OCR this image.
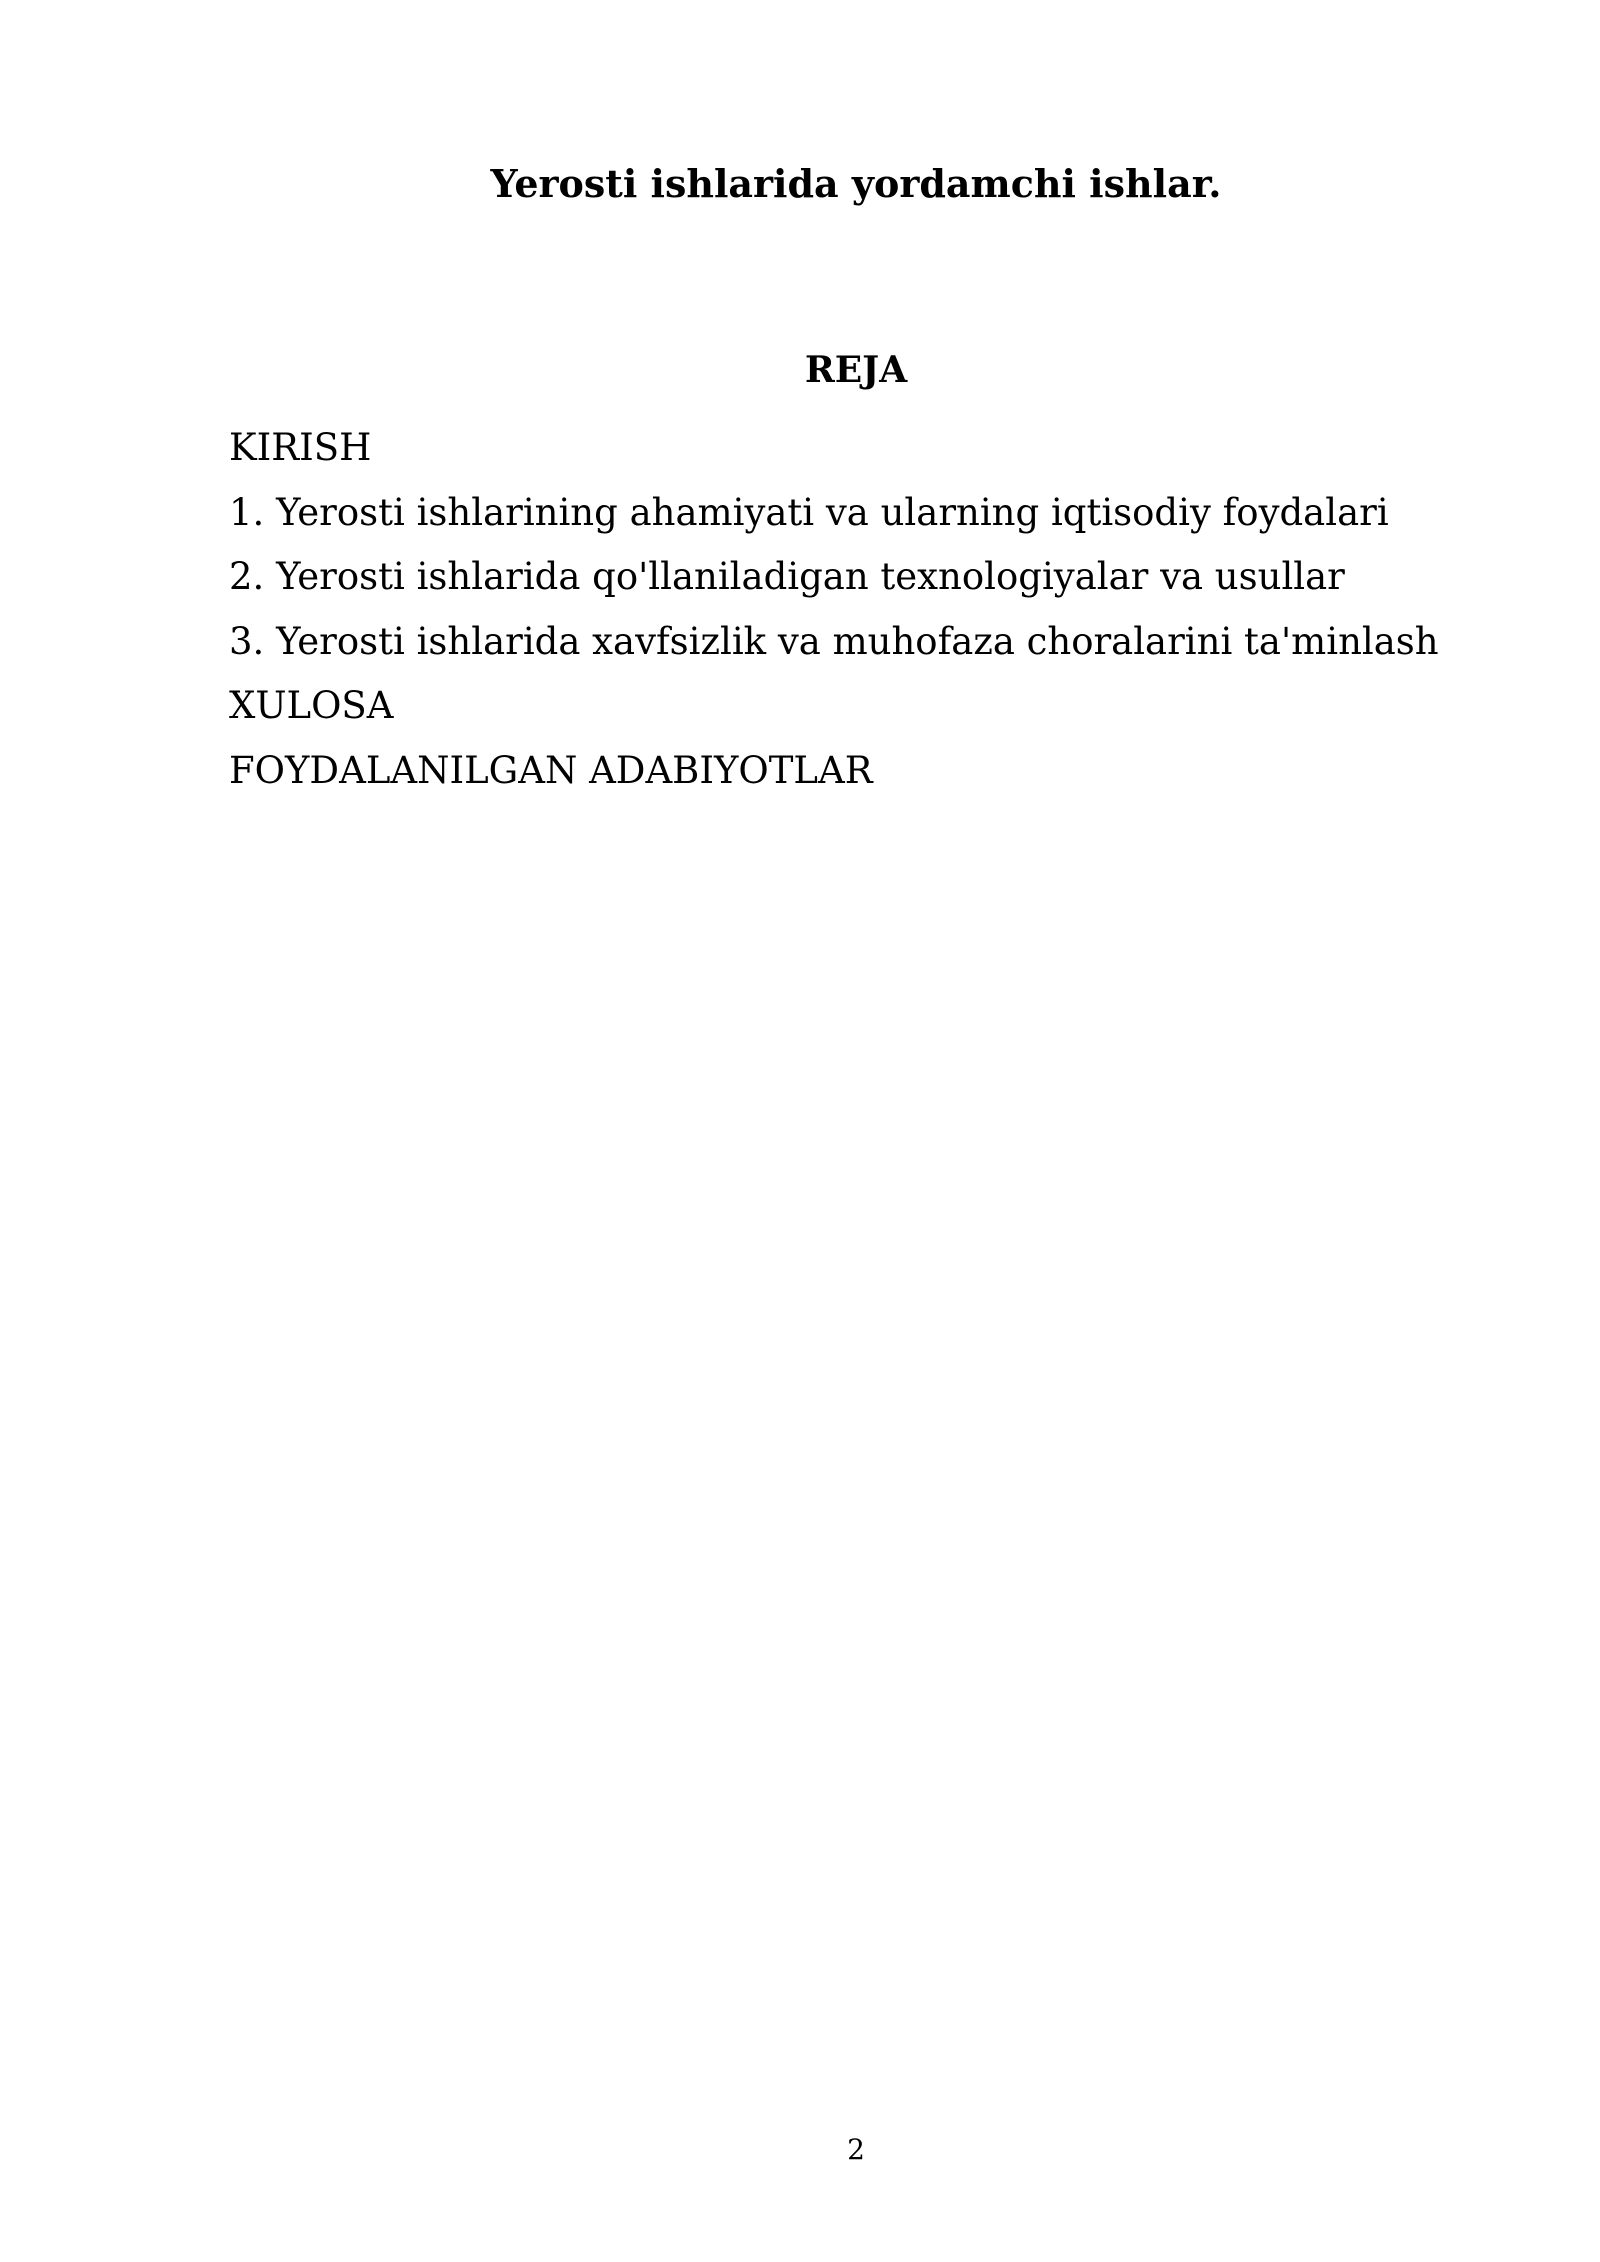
Yerosti ishlarida yordamchi ishlar.
REJA
KIRISH
1. Yerosti ishlarining ahamiyati va ularning iqtisodiy foydalari
2. Yerosti ishlarida qo'llaniladigan texnologiyalar va usullar
3. Yerosti ishlarida xavfsizlik va muhofaza choralarini ta'minlash
XULOSA
FOYDALANILGAN ADABIYOTLAR
2
